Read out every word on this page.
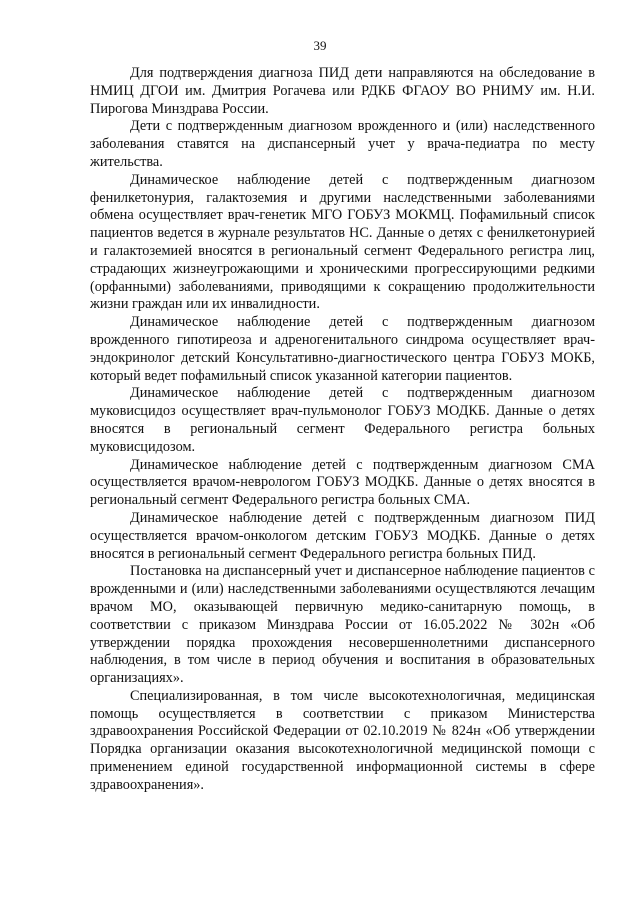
39

Для подтверждения диагноза ПИД дети направляются на обследование в НМИЦ ДГОИ им. Дмитрия Рогачева или РДКБ ФГАОУ ВО РНИМУ им. Н.И. Пирогова Минздрава России.

Дети с подтвержденным диагнозом врожденного и (или) наследственного заболевания ставятся на диспансерный учет у врача-педиатра по месту жительства.

Динамическое наблюдение детей с подтвержденным диагнозом фенилкетонурия, галактоземия и другими наследственными заболеваниями обмена осуществляет врач-генетик МГО ГОБУЗ МОКМЦ. Пофамильный список пациентов ведется в журнале результатов НС. Данные о детях с фенилкетонурией и галактоземией вносятся в региональный сегмент Федерального регистра лиц, страдающих жизнеугрожающими и хроническими прогрессирующими редкими (орфанными) заболеваниями, приводящими к сокращению продолжительности жизни граждан или их инвалидности.

Динамическое наблюдение детей с подтвержденным диагнозом врожденного гипотиреоза и адреногенитального синдрома осуществляет врач-эндокринолог детский Консультативно-диагностического центра ГОБУЗ МОКБ, который ведет пофамильный список указанной категории пациентов.

Динамическое наблюдение детей с подтвержденным диагнозом муковисцидоз осуществляет врач-пульмонолог ГОБУЗ МОДКБ. Данные о детях вносятся в региональный сегмент Федерального регистра больных муковисцидозом.

Динамическое наблюдение детей с подтвержденным диагнозом СМА осуществляется врачом-неврологом ГОБУЗ МОДКБ. Данные о детях вносятся в региональный сегмент Федерального регистра больных СМА.

Динамическое наблюдение детей с подтвержденным диагнозом ПИД осуществляется врачом-онкологом детским ГОБУЗ МОДКБ. Данные о детях вносятся в региональный сегмент Федерального регистра больных ПИД.

Постановка на диспансерный учет и диспансерное наблюдение пациентов с врожденными и (или) наследственными заболеваниями осуществляются лечащим врачом МО, оказывающей первичную медико-санитарную помощь, в соответствии с приказом Минздрава России от 16.05.2022 № 302н «Об утверждении порядка прохождения несовершеннолетними диспансерного наблюдения, в том числе в период обучения и воспитания в образовательных организациях».

Специализированная, в том числе высокотехнологичная, медицинская помощь осуществляется в соответствии с приказом Министерства здравоохранения Российской Федерации от 02.10.2019 № 824н «Об утверждении Порядка организации оказания высокотехнологичной медицинской помощи с применением единой государственной информационной системы в сфере здравоохранения».
